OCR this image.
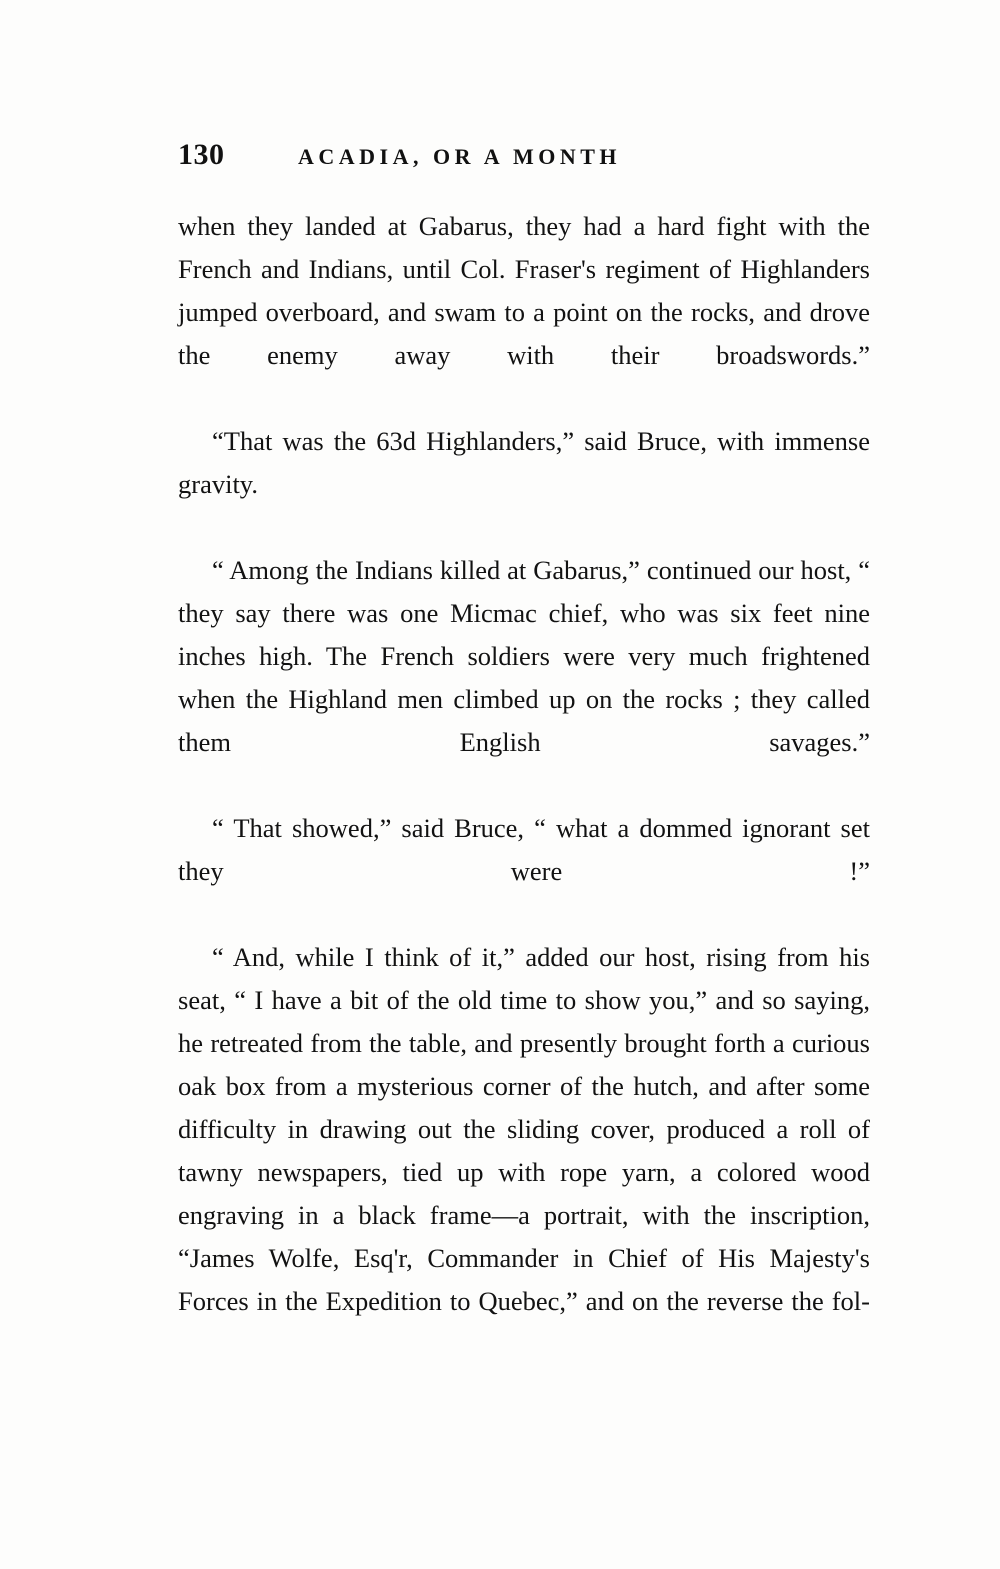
130	ACADIA, OR A MONTH

when they landed at Gabarus, they had a hard fight with the French and Indians, until Col. Fraser's regiment of Highlanders jumped overboard, and swam to a point on the rocks, and drove the enemy away with their broadswords.”

“That was the 63d Highlanders,” said Bruce, with immense gravity.

“ Among the Indians killed at Gabarus,” continued our host, “ they say there was one Micmac chief, who was six feet nine inches high. The French soldiers were very much frightened when the Highland men climbed up on the rocks ; they called them English savages.”

“ That showed,” said Bruce, “ what a dommed ignorant set they were !”

“ And, while I think of it,” added our host, rising from his seat, “ I have a bit of the old time to show you,” and so saying, he retreated from the table, and presently brought forth a curious oak box from a mysterious corner of the hutch, and after some difficulty in drawing out the sliding cover, produced a roll of tawny newspapers, tied up with rope yarn, a colored wood engraving in a black frame—a portrait, with the inscription, “James Wolfe, Esq'r, Commander in Chief of His Majesty's Forces in the Expedition to Quebec,” and on the reverse the fol-
